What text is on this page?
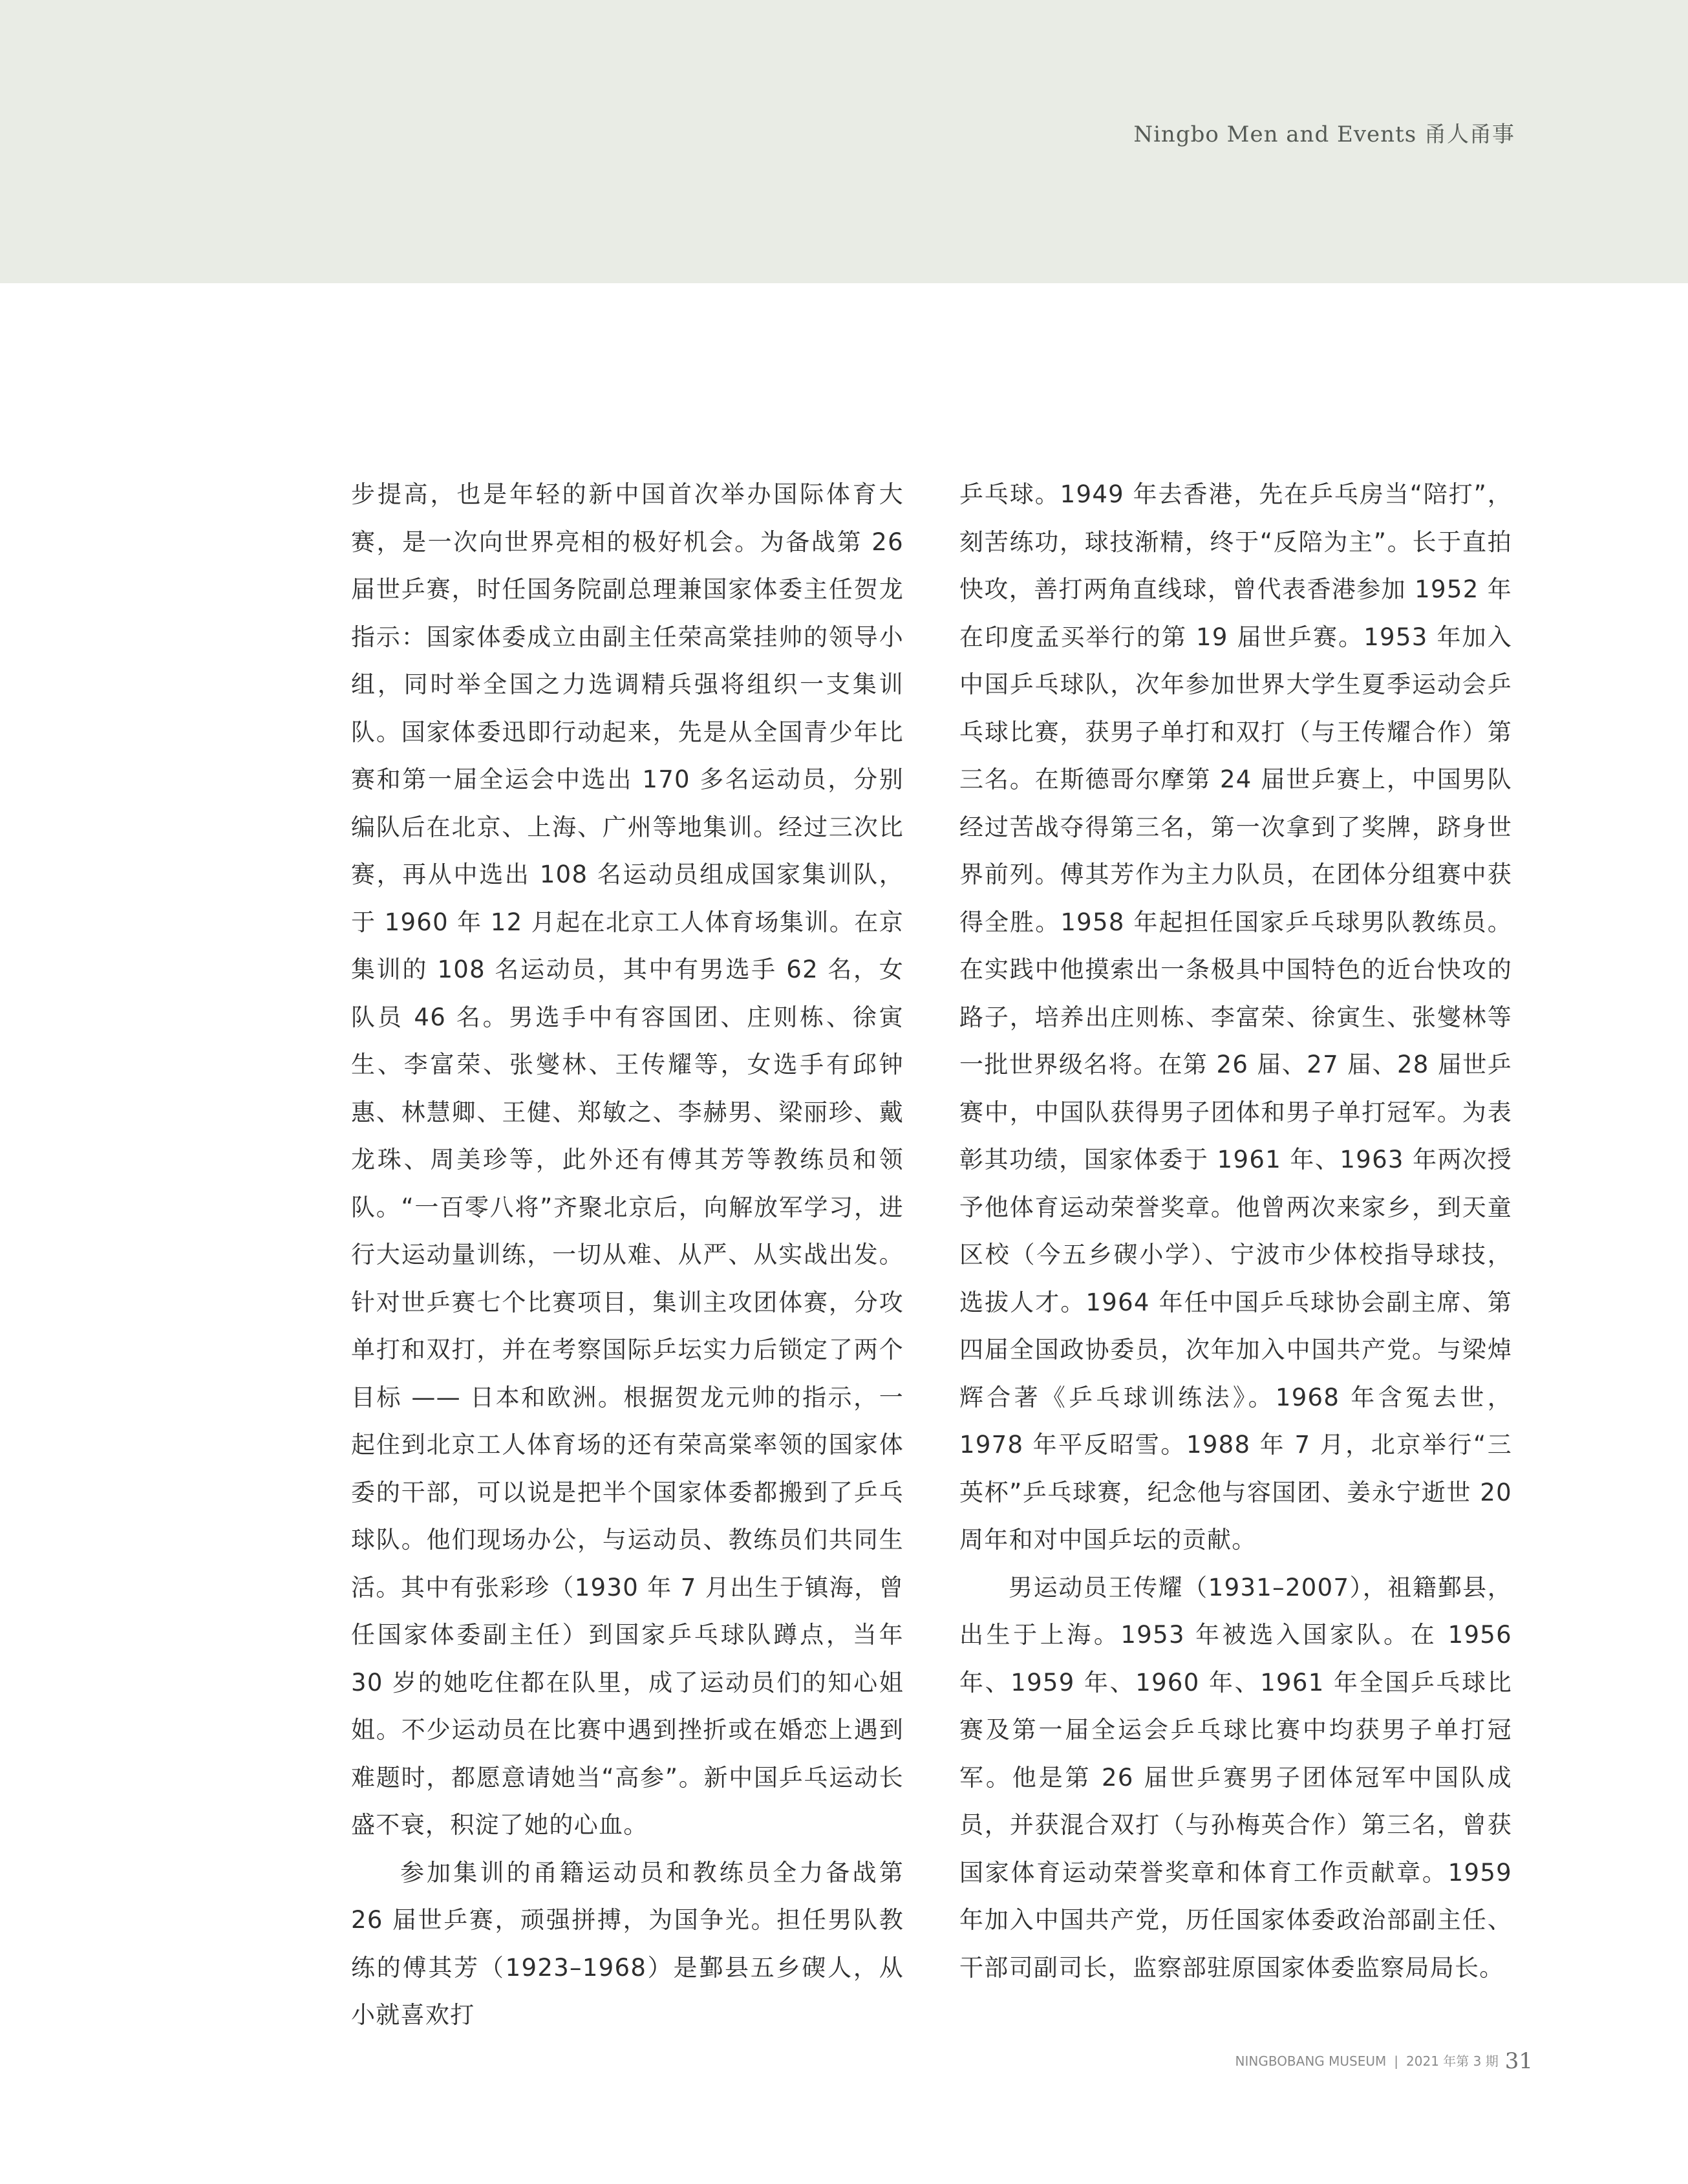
Ningbo Men and Events 甬人甬事

步提高，也是年轻的新中国首次举办国际体育大赛，是一次向世界亮相的极好机会。为备战第 26 届世乒赛，时任国务院副总理兼国家体委主任贺龙指示：国家体委成立由副主任荣高棠挂帅的领导小组，同时举全国之力选调精兵强将组织一支集训队。国家体委迅即行动起来，先是从全国青少年比赛和第一届全运会中选出 170 多名运动员，分别编队后在北京、上海、广州等地集训。经过三次比赛，再从中选出 108 名运动员组成国家集训队，于 1960 年 12 月起在北京工人体育场集训。在京集训的 108 名运动员，其中有男选手 62 名，女队员 46 名。男选手中有容国团、庄则栋、徐寅生、李富荣、张燮林、王传耀等，女选手有邱钟惠、林慧卿、王健、郑敏之、李赫男、梁丽珍、戴龙珠、周美珍等，此外还有傅其芳等教练员和领队。“一百零八将”齐聚北京后，向解放军学习，进行大运动量训练，一切从难、从严、从实战出发。针对世乒赛七个比赛项目，集训主攻团体赛，分攻单打和双打，并在考察国际乒坛实力后锁定了两个目标 —— 日本和欧洲。根据贺龙元帅的指示，一起住到北京工人体育场的还有荣高棠率领的国家体委的干部，可以说是把半个国家体委都搬到了乒乓球队。他们现场办公，与运动员、教练员们共同生活。其中有张彩珍（1930 年 7 月出生于镇海，曾任国家体委副主任）到国家乒乓球队蹲点，当年 30 岁的她吃住都在队里，成了运动员们的知心姐姐。不少运动员在比赛中遇到挫折或在婚恋上遇到难题时，都愿意请她当“高参”。新中国乒乓运动长盛不衰，积淀了她的心血。

参加集训的甬籍运动员和教练员全力备战第 26 届世乒赛，顽强拼搏，为国争光。担任男队教练的傅其芳（1923–1968）是鄞县五乡碶人，从小就喜欢打

乒乓球。1949 年去香港，先在乒乓房当“陪打”，刻苦练功，球技渐精，终于“反陪为主”。长于直拍快攻，善打两角直线球，曾代表香港参加 1952 年在印度孟买举行的第 19 届世乒赛。1953 年加入中国乒乓球队，次年参加世界大学生夏季运动会乒乓球比赛，获男子单打和双打（与王传耀合作）第三名。在斯德哥尔摩第 24 届世乒赛上，中国男队经过苦战夺得第三名，第一次拿到了奖牌，跻身世界前列。傅其芳作为主力队员，在团体分组赛中获得全胜。1958 年起担任国家乒乓球男队教练员。在实践中他摸索出一条极具中国特色的近台快攻的路子，培养出庄则栋、李富荣、徐寅生、张燮林等一批世界级名将。在第 26 届、27 届、28 届世乒赛中，中国队获得男子团体和男子单打冠军。为表彰其功绩，国家体委于 1961 年、1963 年两次授予他体育运动荣誉奖章。他曾两次来家乡，到天童区校（今五乡碶小学）、宁波市少体校指导球技，选拔人才。1964 年任中国乒乓球协会副主席、第四届全国政协委员，次年加入中国共产党。与梁焯辉合著《乒乓球训练法》。1968 年含冤去世，1978 年平反昭雪。1988 年 7 月，北京举行“三英杯”乒乓球赛，纪念他与容国团、姜永宁逝世 20 周年和对中国乒坛的贡献。

男运动员王传耀（1931–2007），祖籍鄞县，出生于上海。1953 年被选入国家队。在 1956 年、1959 年、1960 年、1961 年全国乒乓球比赛及第一届全运会乒乓球比赛中均获男子单打冠军。他是第 26 届世乒赛男子团体冠军中国队成员，并获混合双打（与孙梅英合作）第三名，曾获国家体育运动荣誉奖章和体育工作贡献章。1959 年加入中国共产党，历任国家体委政治部副主任、干部司副司长，监察部驻原国家体委监察局局长。

NINGBOBANG MUSEUM | 2021 年第 3 期 31
